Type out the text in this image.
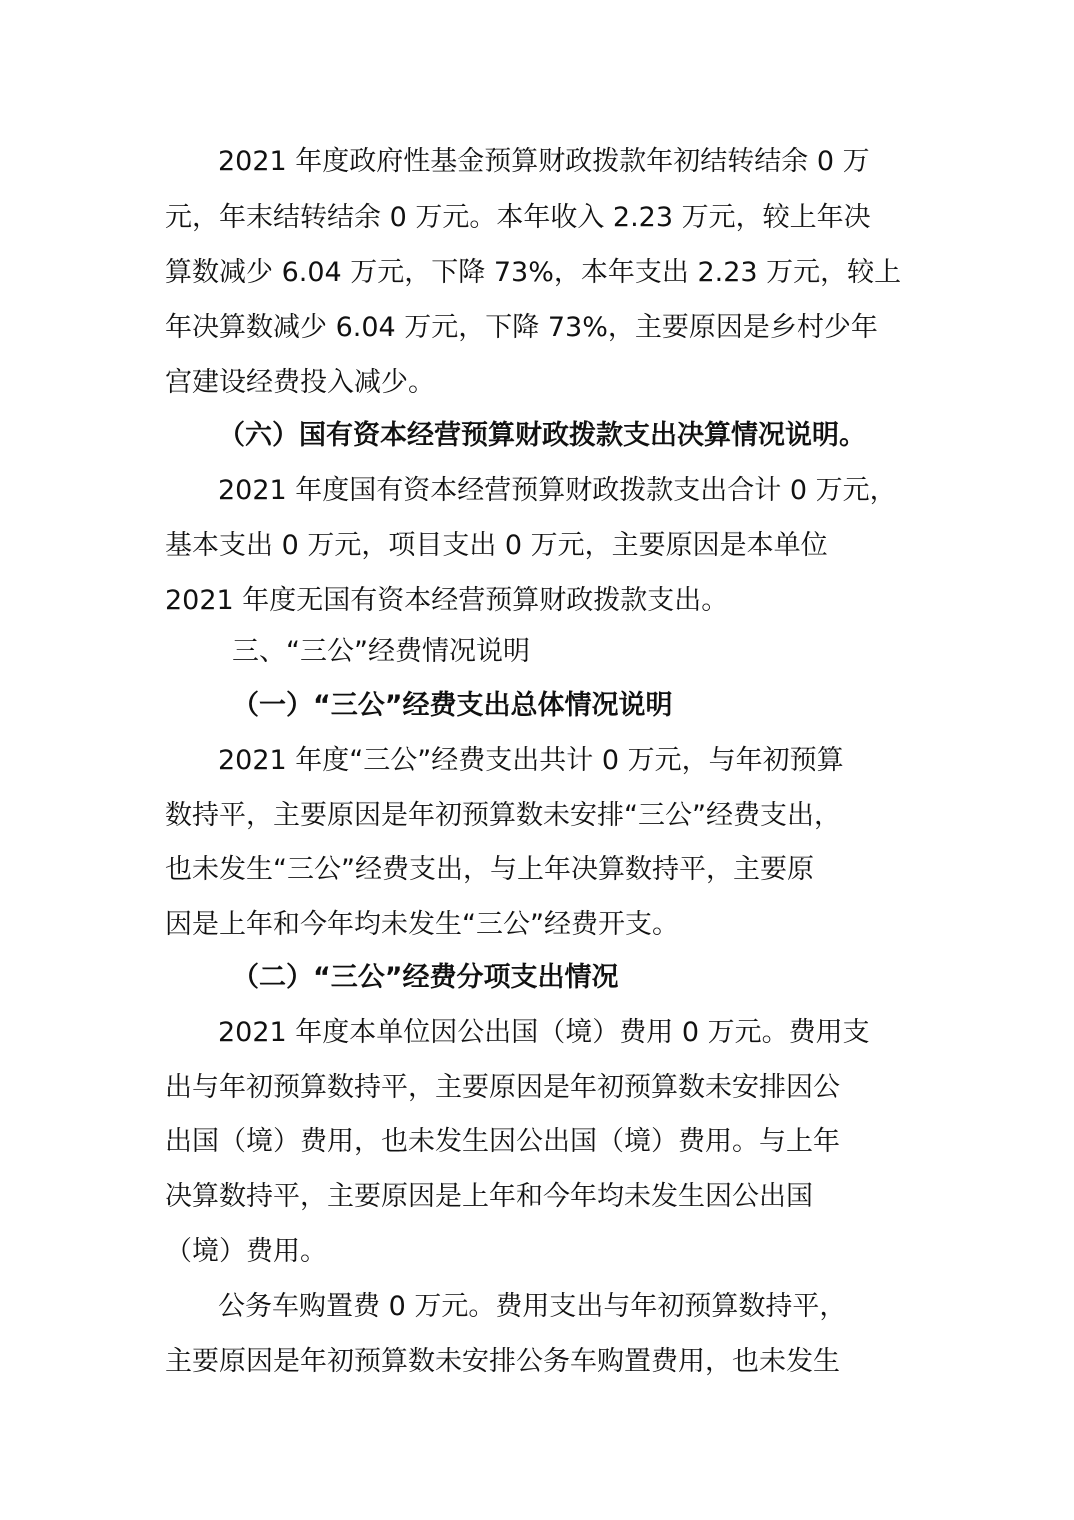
2021 年度政府性基金预算财政拨款年初结转结余 0 万
元，年末结转结余 0 万元。本年收入 2.23 万元，较上年决
算数减少 6.04 万元，下降 73%，本年支出 2.23 万元，较上
年决算数减少 6.04 万元，下降 73%，主要原因是乡村少年
宫建设经费投入减少。
（六）国有资本经营预算财政拨款支出决算情况说明。
2021 年度国有资本经营预算财政拨款支出合计 0 万元，
基本支出 0 万元，项目支出 0 万元，主要原因是本单位
2021 年度无国有资本经营预算财政拨款支出。
三、“三公”经费情况说明
（一）“三公”经费支出总体情况说明
2021 年度“三公”经费支出共计 0 万元，与年初预算
数持平，主要原因是年初预算数未安排“三公”经费支出，
也未发生“三公”经费支出，与上年决算数持平，主要原
因是上年和今年均未发生“三公”经费开支。
（二）“三公”经费分项支出情况
2021 年度本单位因公出国（境）费用 0 万元。费用支
出与年初预算数持平，主要原因是年初预算数未安排因公
出国（境）费用，也未发生因公出国（境）费用。与上年
决算数持平，主要原因是上年和今年均未发生因公出国
（境）费用。
公务车购置费 0 万元。费用支出与年初预算数持平，
主要原因是年初预算数未安排公务车购置费用，也未发生
